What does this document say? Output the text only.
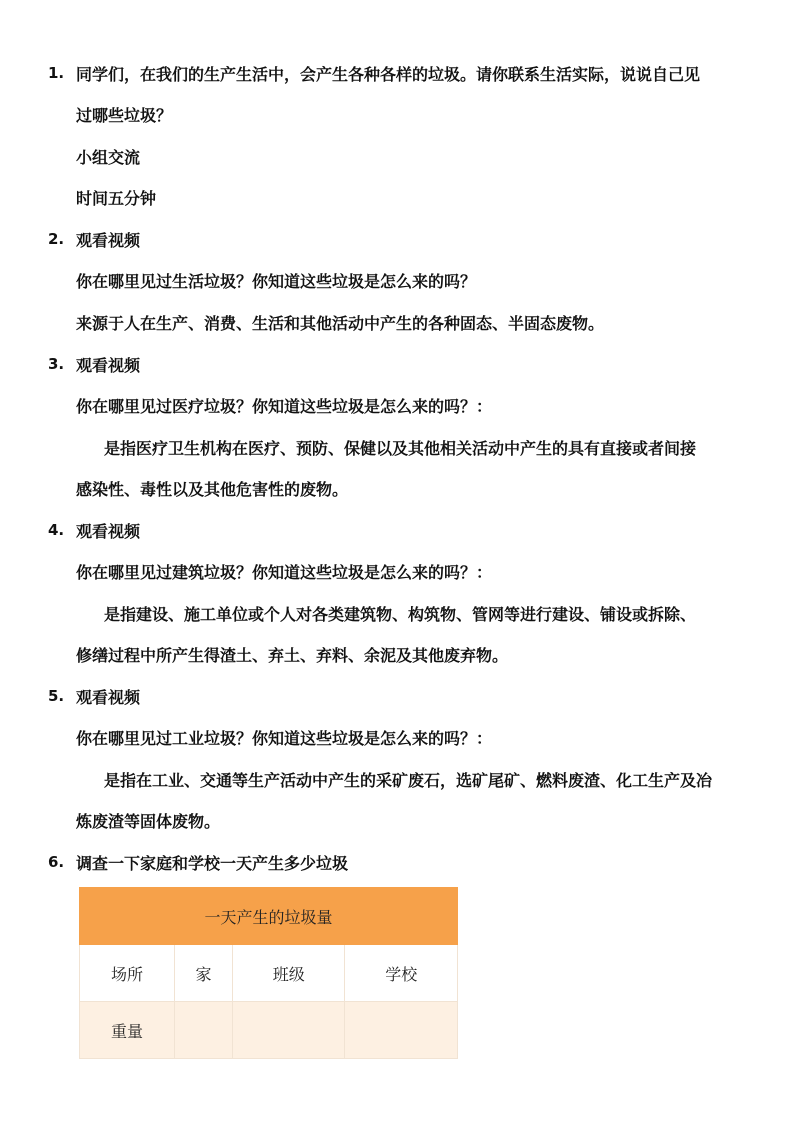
1. 同学们，在我们的生产生活中，会产生各种各样的垃圾。请你联系生活实际，说说自己见
过哪些垃圾？
小组交流
时间五分钟
2. 观看视频
你在哪里见过生活垃圾？你知道这些垃圾是怎么来的吗？
来源于人在生产、消费、生活和其他活动中产生的各种固态、半固态废物。
3. 观看视频
你在哪里见过医疗垃圾？你知道这些垃圾是怎么来的吗？：
是指医疗卫生机构在医疗、预防、保健以及其他相关活动中产生的具有直接或者间接
感染性、毒性以及其他危害性的废物。
4. 观看视频
你在哪里见过建筑垃圾？你知道这些垃圾是怎么来的吗？：
是指建设、施工单位或个人对各类建筑物、构筑物、管网等进行建设、铺设或拆除、
修缮过程中所产生得渣土、弃土、弃料、余泥及其他废弃物。
5. 观看视频
你在哪里见过工业垃圾？你知道这些垃圾是怎么来的吗？：
是指在工业、交通等生产活动中产生的采矿废石，选矿尾矿、燃料废渣、化工生产及冶
炼废渣等固体废物。
6. 调查一下家庭和学校一天产生多少垃圾
一天产生的垃圾量			
场所	家	班级	学校
重量			
